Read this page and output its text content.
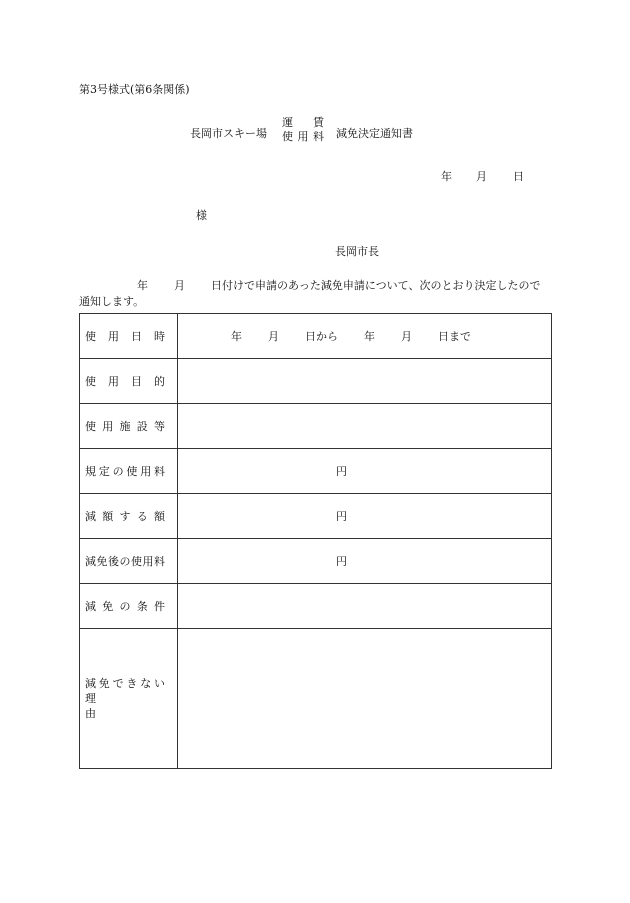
第3号様式(第6条関係)
長岡市スキー場
運　賃
使用料 減免決定通知書
年 月 日
様
長岡市長
年 月 日付けで申請のあった減免申請について、次のとおり決定したので通知します。
使用日時	年 月 日から 年 月 日まで

使用目的	

使用施設等	

規定の使用料	円

減額する額	円

減免後の使用料	円

減免の条件	

減免できない
理由	
